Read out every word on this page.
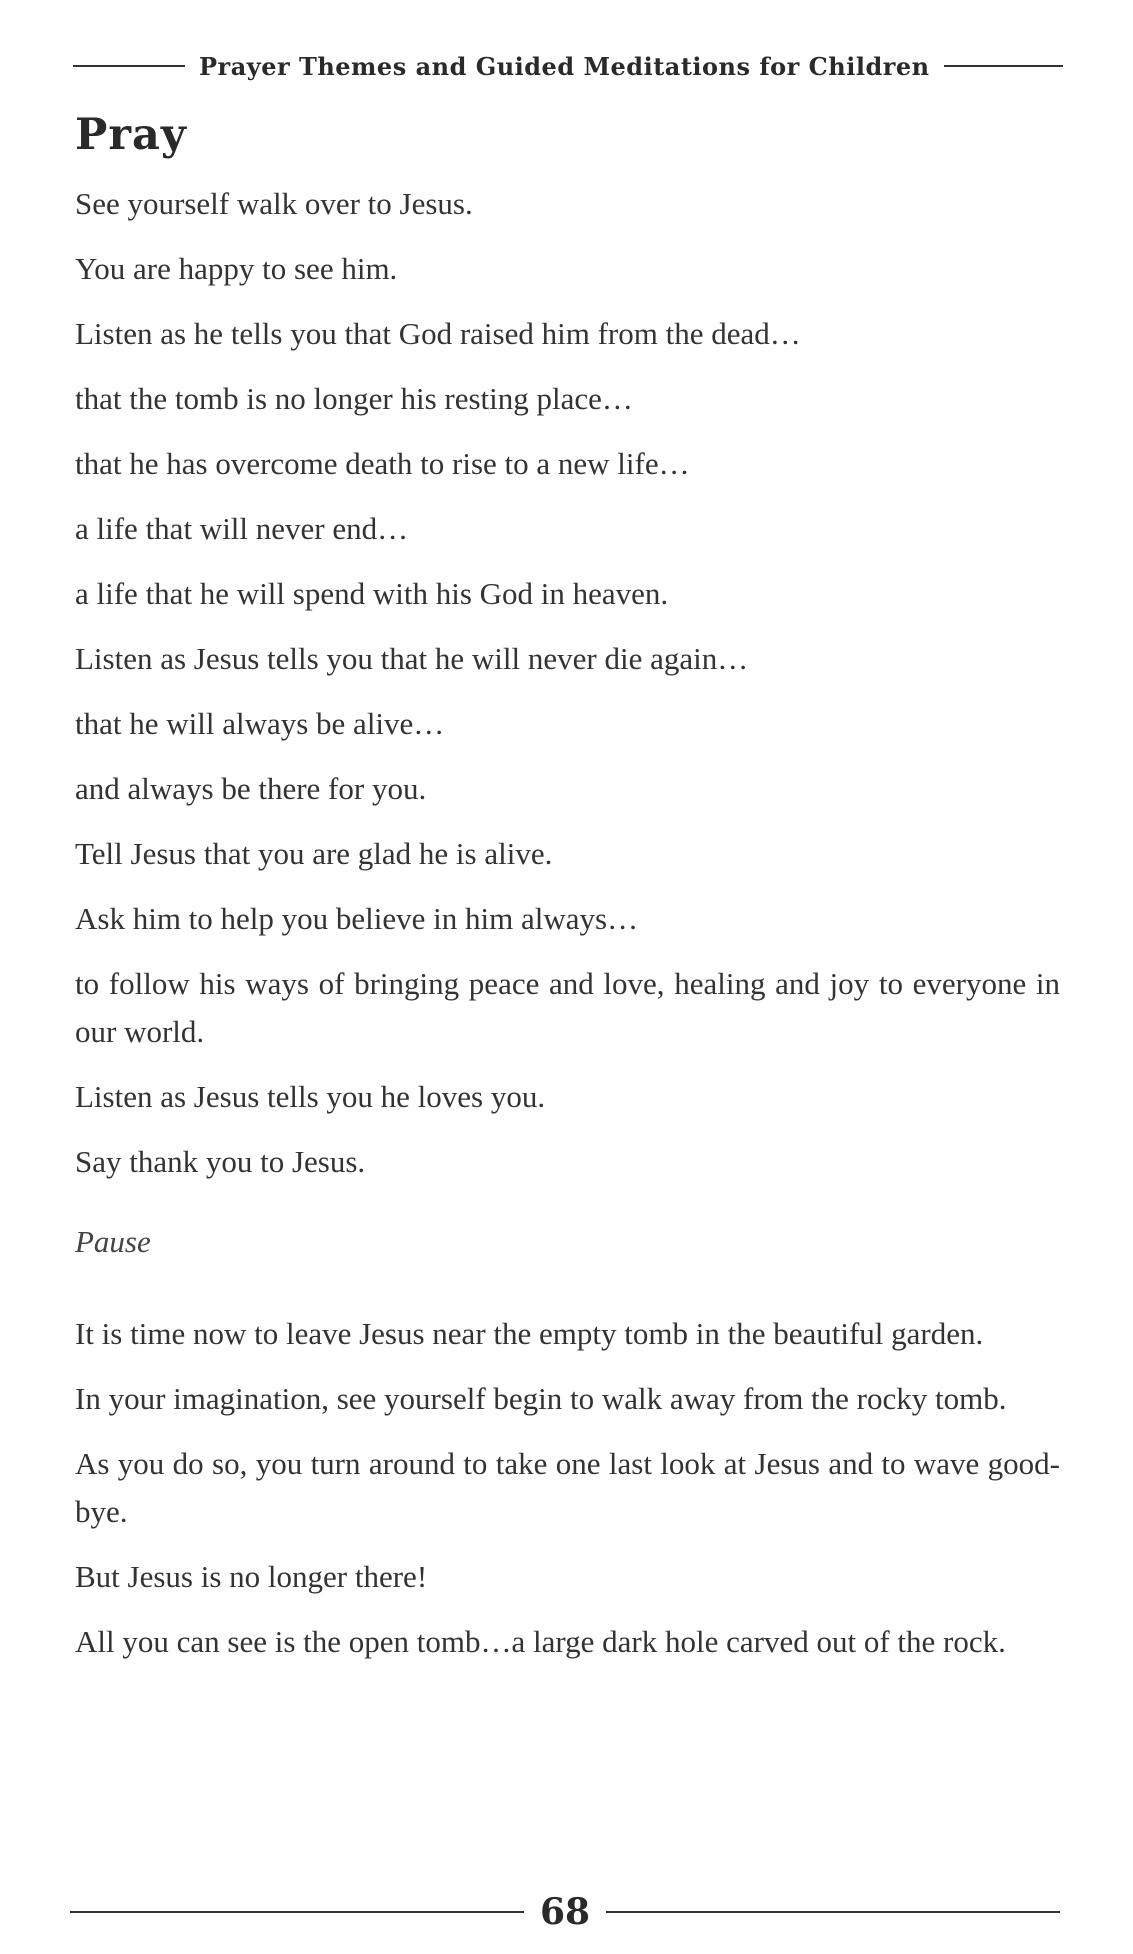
Prayer Themes and Guided Meditations for Children
Pray

See yourself walk over to Jesus.

You are happy to see him.

Listen as he tells you that God raised him from the dead…

that the tomb is no longer his resting place…

that he has overcome death to rise to a new life…

a life that will never end…

a life that he will spend with his God in heaven.

Listen as Jesus tells you that he will never die again…

that he will always be alive…

and always be there for you.

Tell Jesus that you are glad he is alive.

Ask him to help you believe in him always…

to follow his ways of bringing peace and love, healing and joy to everyone in our world.

Listen as Jesus tells you he loves you.

Say thank you to Jesus.

Pause

It is time now to leave Jesus near the empty tomb in the beautiful garden.

In your imagination, see yourself begin to walk away from the rocky tomb.

As you do so, you turn around to take one last look at Jesus and to wave good-bye.

But Jesus is no longer there!

All you can see is the open tomb…a large dark hole carved out of the rock.

68
